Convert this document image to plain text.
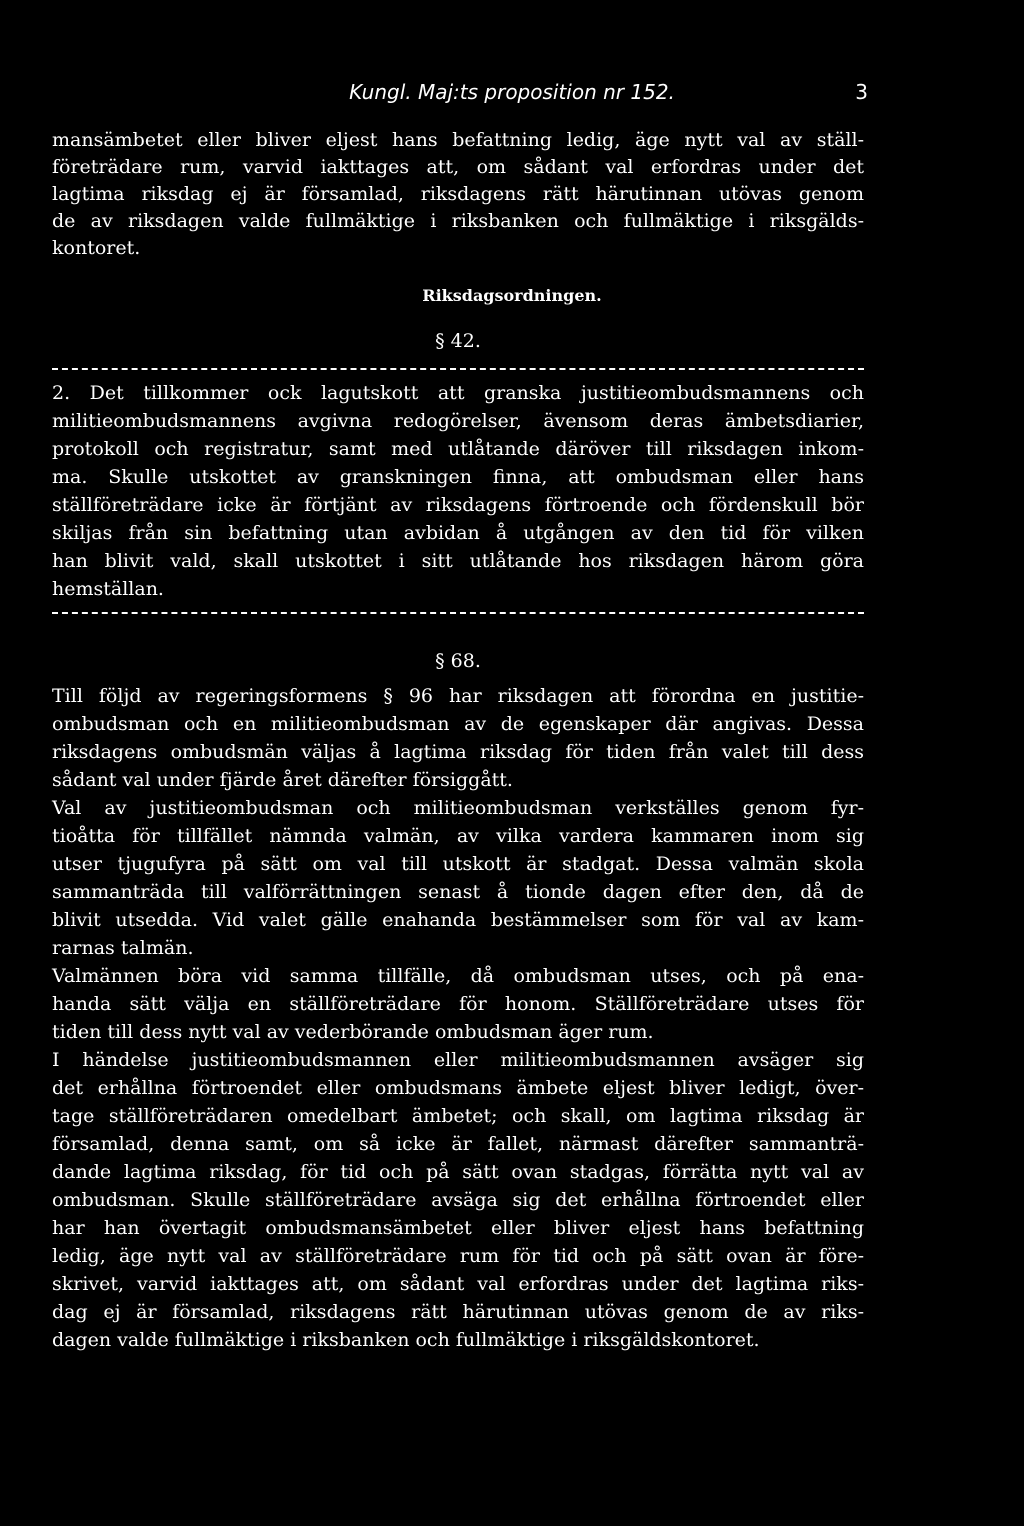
Kungl. Maj:ts proposition nr 152.	3
mansämbetet eller bliver eljest hans befattning ledig, äge nytt val av ställ-
företrädare rum, varvid iakttages att, om sådant val erfordras under det
lagtima riksdag ej är församlad, riksdagens rätt härutinnan utövas genom
de av riksdagen valde fullmäktige i riksbanken och fullmäktige i riksgälds-
kontoret.
Riksdagsordningen.
§ 42.
2. Det tillkommer ock lagutskott att granska justitieombudsmannens och
militieombudsmannens avgivna redogörelser, ävensom deras ämbetsdiarier,
protokoll och registratur, samt med utlåtande däröver till riksdagen inkom-
ma. Skulle utskottet av granskningen finna, att ombudsman eller hans
ställföreträdare icke är förtjänt av riksdagens förtroende och fördenskull bör
skiljas från sin befattning utan avbidan å utgången av den tid för vilken
han blivit vald, skall utskottet i sitt utlåtande hos riksdagen härom göra
hemställan.
§ 68.
Till följd av regeringsformens § 96 har riksdagen att förordna en justitie-
ombudsman och en militieombudsman av de egenskaper där angivas. Dessa
riksdagens ombudsmän väljas å lagtima riksdag för tiden från valet till dess
sådant val under fjärde året därefter försiggått.
Val av justitieombudsman och militieombudsman verkställes genom fyr-
tioåtta för tillfället nämnda valmän, av vilka vardera kammaren inom sig
utser tjugufyra på sätt om val till utskott är stadgat. Dessa valmän skola
sammanträda till valförrättningen senast å tionde dagen efter den, då de
blivit utsedda. Vid valet gälle enahanda bestämmelser som för val av kam-
rarnas talmän.
Valmännen böra vid samma tillfälle, då ombudsman utses, och på ena-
handa sätt välja en ställföreträdare för honom. Ställföreträdare utses för
tiden till dess nytt val av vederbörande ombudsman äger rum.
I händelse justitieombudsmannen eller militieombudsmannen avsäger sig
det erhållna förtroendet eller ombudsmans ämbete eljest bliver ledigt, över-
tage ställföreträdaren omedelbart ämbetet; och skall, om lagtima riksdag är
församlad, denna samt, om så icke är fallet, närmast därefter sammanträ-
dande lagtima riksdag, för tid och på sätt ovan stadgas, förrätta nytt val av
ombudsman. Skulle ställföreträdare avsäga sig det erhållna förtroendet eller
har han övertagit ombudsmansämbetet eller bliver eljest hans befattning
ledig, äge nytt val av ställföreträdare rum för tid och på sätt ovan är före-
skrivet, varvid iakttages att, om sådant val erfordras under det lagtima riks-
dag ej är församlad, riksdagens rätt härutinnan utövas genom de av riks-
dagen valde fullmäktige i riksbanken och fullmäktige i riksgäldskontoret.
